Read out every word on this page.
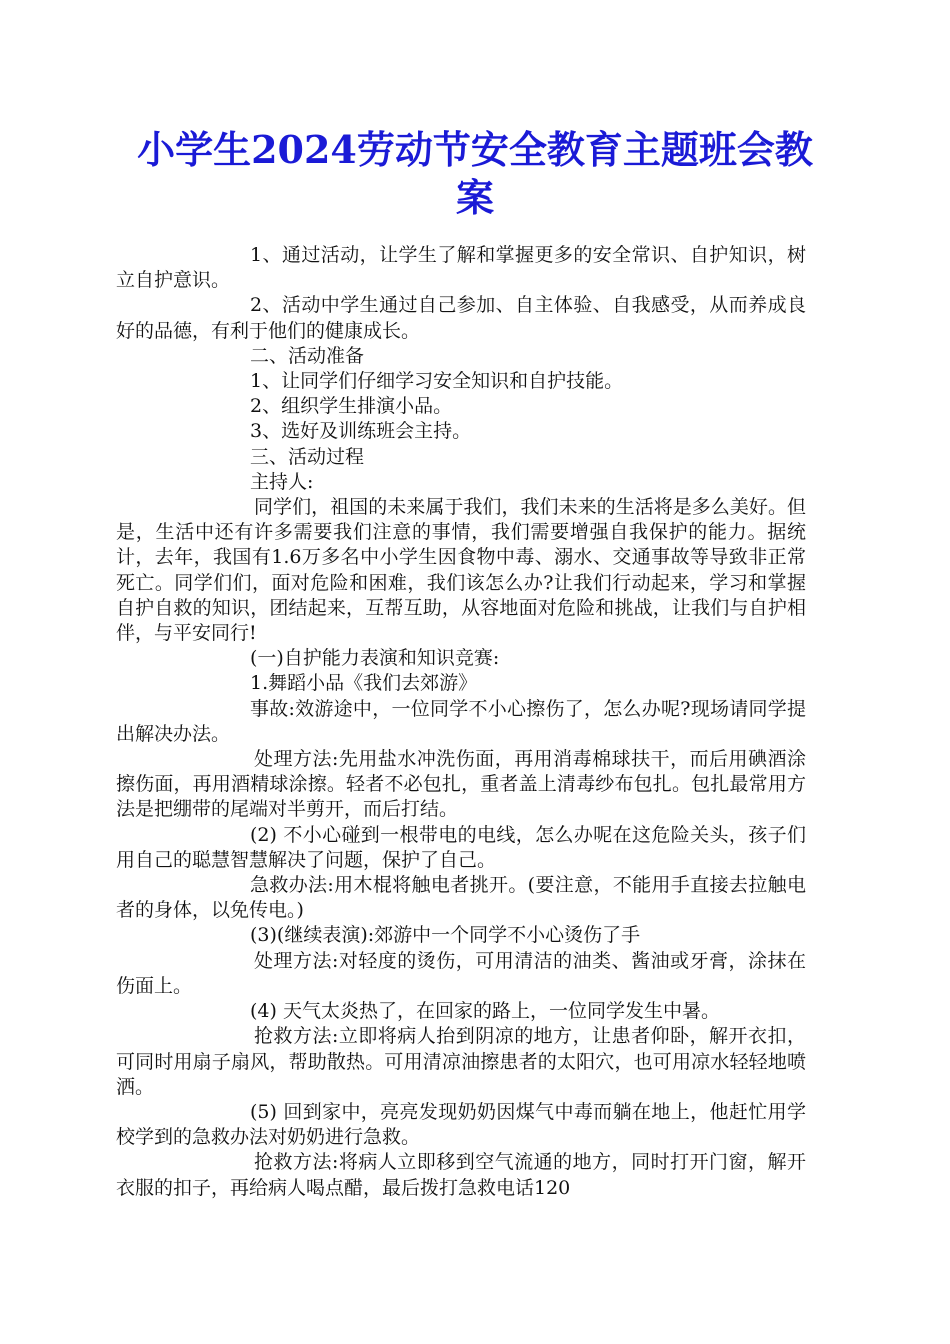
小学生2024劳动节安全教育主题班会教案

1、通过活动，让学生了解和掌握更多的安全常识、自护知识，树立自护意识。

2、活动中学生通过自己参加、自主体验、自我感受，从而养成良好的品德，有利于他们的健康成长。

二、活动准备

1、让同学们仔细学习安全知识和自护技能。

2、组织学生排演小品。

3、选好及训练班会主持。

三、活动过程

主持人:

同学们，祖国的未来属于我们，我们未来的生活将是多么美好。但是，生活中还有许多需要我们注意的事情，我们需要增强自我保护的能力。据统计，去年，我国有1.6万多名中小学生因食物中毒、溺水、交通事故等导致非正常死亡。同学们们，面对危险和困难，我们该怎么办?让我们行动起来，学习和掌握自护自救的知识，团结起来，互帮互助，从容地面对危险和挑战，让我们与自护相伴，与平安同行!

(一)自护能力表演和知识竞赛:

1.舞蹈小品《我们去郊游》

事故:效游途中，一位同学不小心擦伤了，怎么办呢?现场请同学提出解决办法。

处理方法:先用盐水冲洗伤面，再用消毒棉球扶干，而后用碘酒涂擦伤面，再用酒精球涂擦。轻者不必包扎，重者盖上清毒纱布包扎。包扎最常用方法是把绷带的尾端对半剪开，而后打结。

(2) 不小心碰到一根带电的电线，怎么办呢在这危险关头，孩子们用自己的聪慧智慧解决了问题，保护了自己。

急救办法:用木棍将触电者挑开。(要注意，不能用手直接去拉触电者的身体，以免传电。)

(3)(继续表演):郊游中一个同学不小心烫伤了手

处理方法:对轻度的烫伤，可用清洁的油类、酱油或牙膏，涂抹在伤面上。

(4) 天气太炎热了，在回家的路上，一位同学发生中暑。

抢救方法:立即将病人抬到阴凉的地方，让患者仰卧，解开衣扣，可同时用扇子扇风，帮助散热。可用清凉油擦患者的太阳穴，也可用凉水轻轻地喷洒。

(5) 回到家中，亮亮发现奶奶因煤气中毒而躺在地上，他赶忙用学校学到的急救办法对奶奶进行急救。

抢救方法:将病人立即移到空气流通的地方，同时打开门窗，解开衣服的扣子，再给病人喝点醋，最后拨打急救电话120
